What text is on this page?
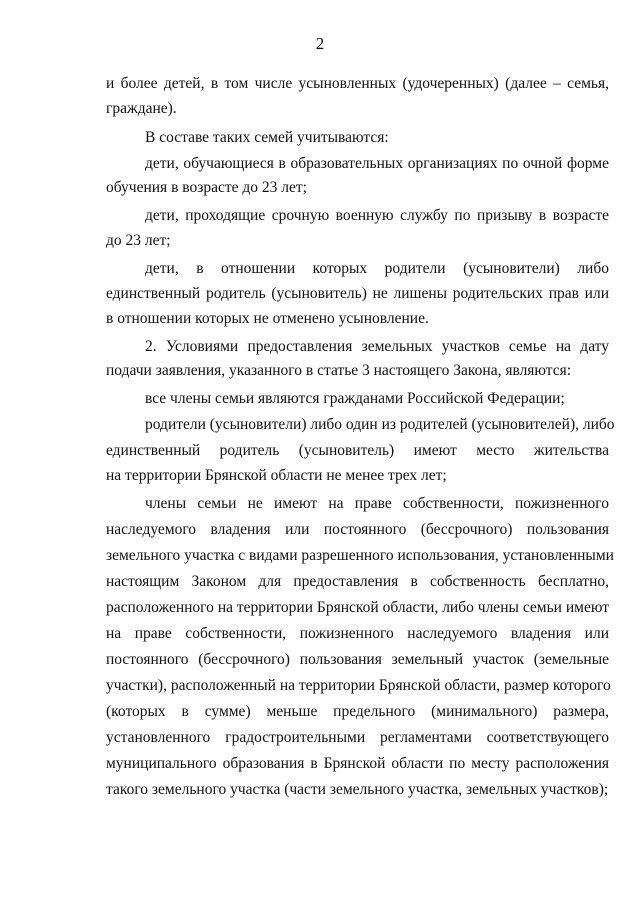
2
и более детей, в том числе усыновленных (удочеренных) (далее – семья,
граждане).
В составе таких семей учитываются:
дети, обучающиеся в образовательных организациях по очной форме
обучения в возрасте до 23 лет;
дети, проходящие срочную военную службу по призыву в возрасте
до 23 лет;
дети, в отношении которых родители (усыновители) либо
единственный родитель (усыновитель) не лишены родительских прав или
в отношении которых не отменено усыновление.
2. Условиями предоставления земельных участков семье на дату
подачи заявления, указанного в статье 3 настоящего Закона, являются:
все члены семьи являются гражданами Российской Федерации;
родители (усыновители) либо один из родителей (усыновителей), либо
единственный родитель (усыновитель) имеют место жительства
на территории Брянской области не менее трех лет;
члены семьи не имеют на праве собственности, пожизненного
наследуемого владения или постоянного (бессрочного) пользования
земельного участка с видами разрешенного использования, установленными
настоящим Законом для предоставления в собственность бесплатно,
расположенного на территории Брянской области, либо члены семьи имеют
на праве собственности, пожизненного наследуемого владения или
постоянного (бессрочного) пользования земельный участок (земельные
участки), расположенный на территории Брянской области, размер которого
(которых в сумме) меньше предельного (минимального) размера,
установленного градостроительными регламентами соответствующего
муниципального образования в Брянской области по месту расположения
такого земельного участка (части земельного участка, земельных участков);
